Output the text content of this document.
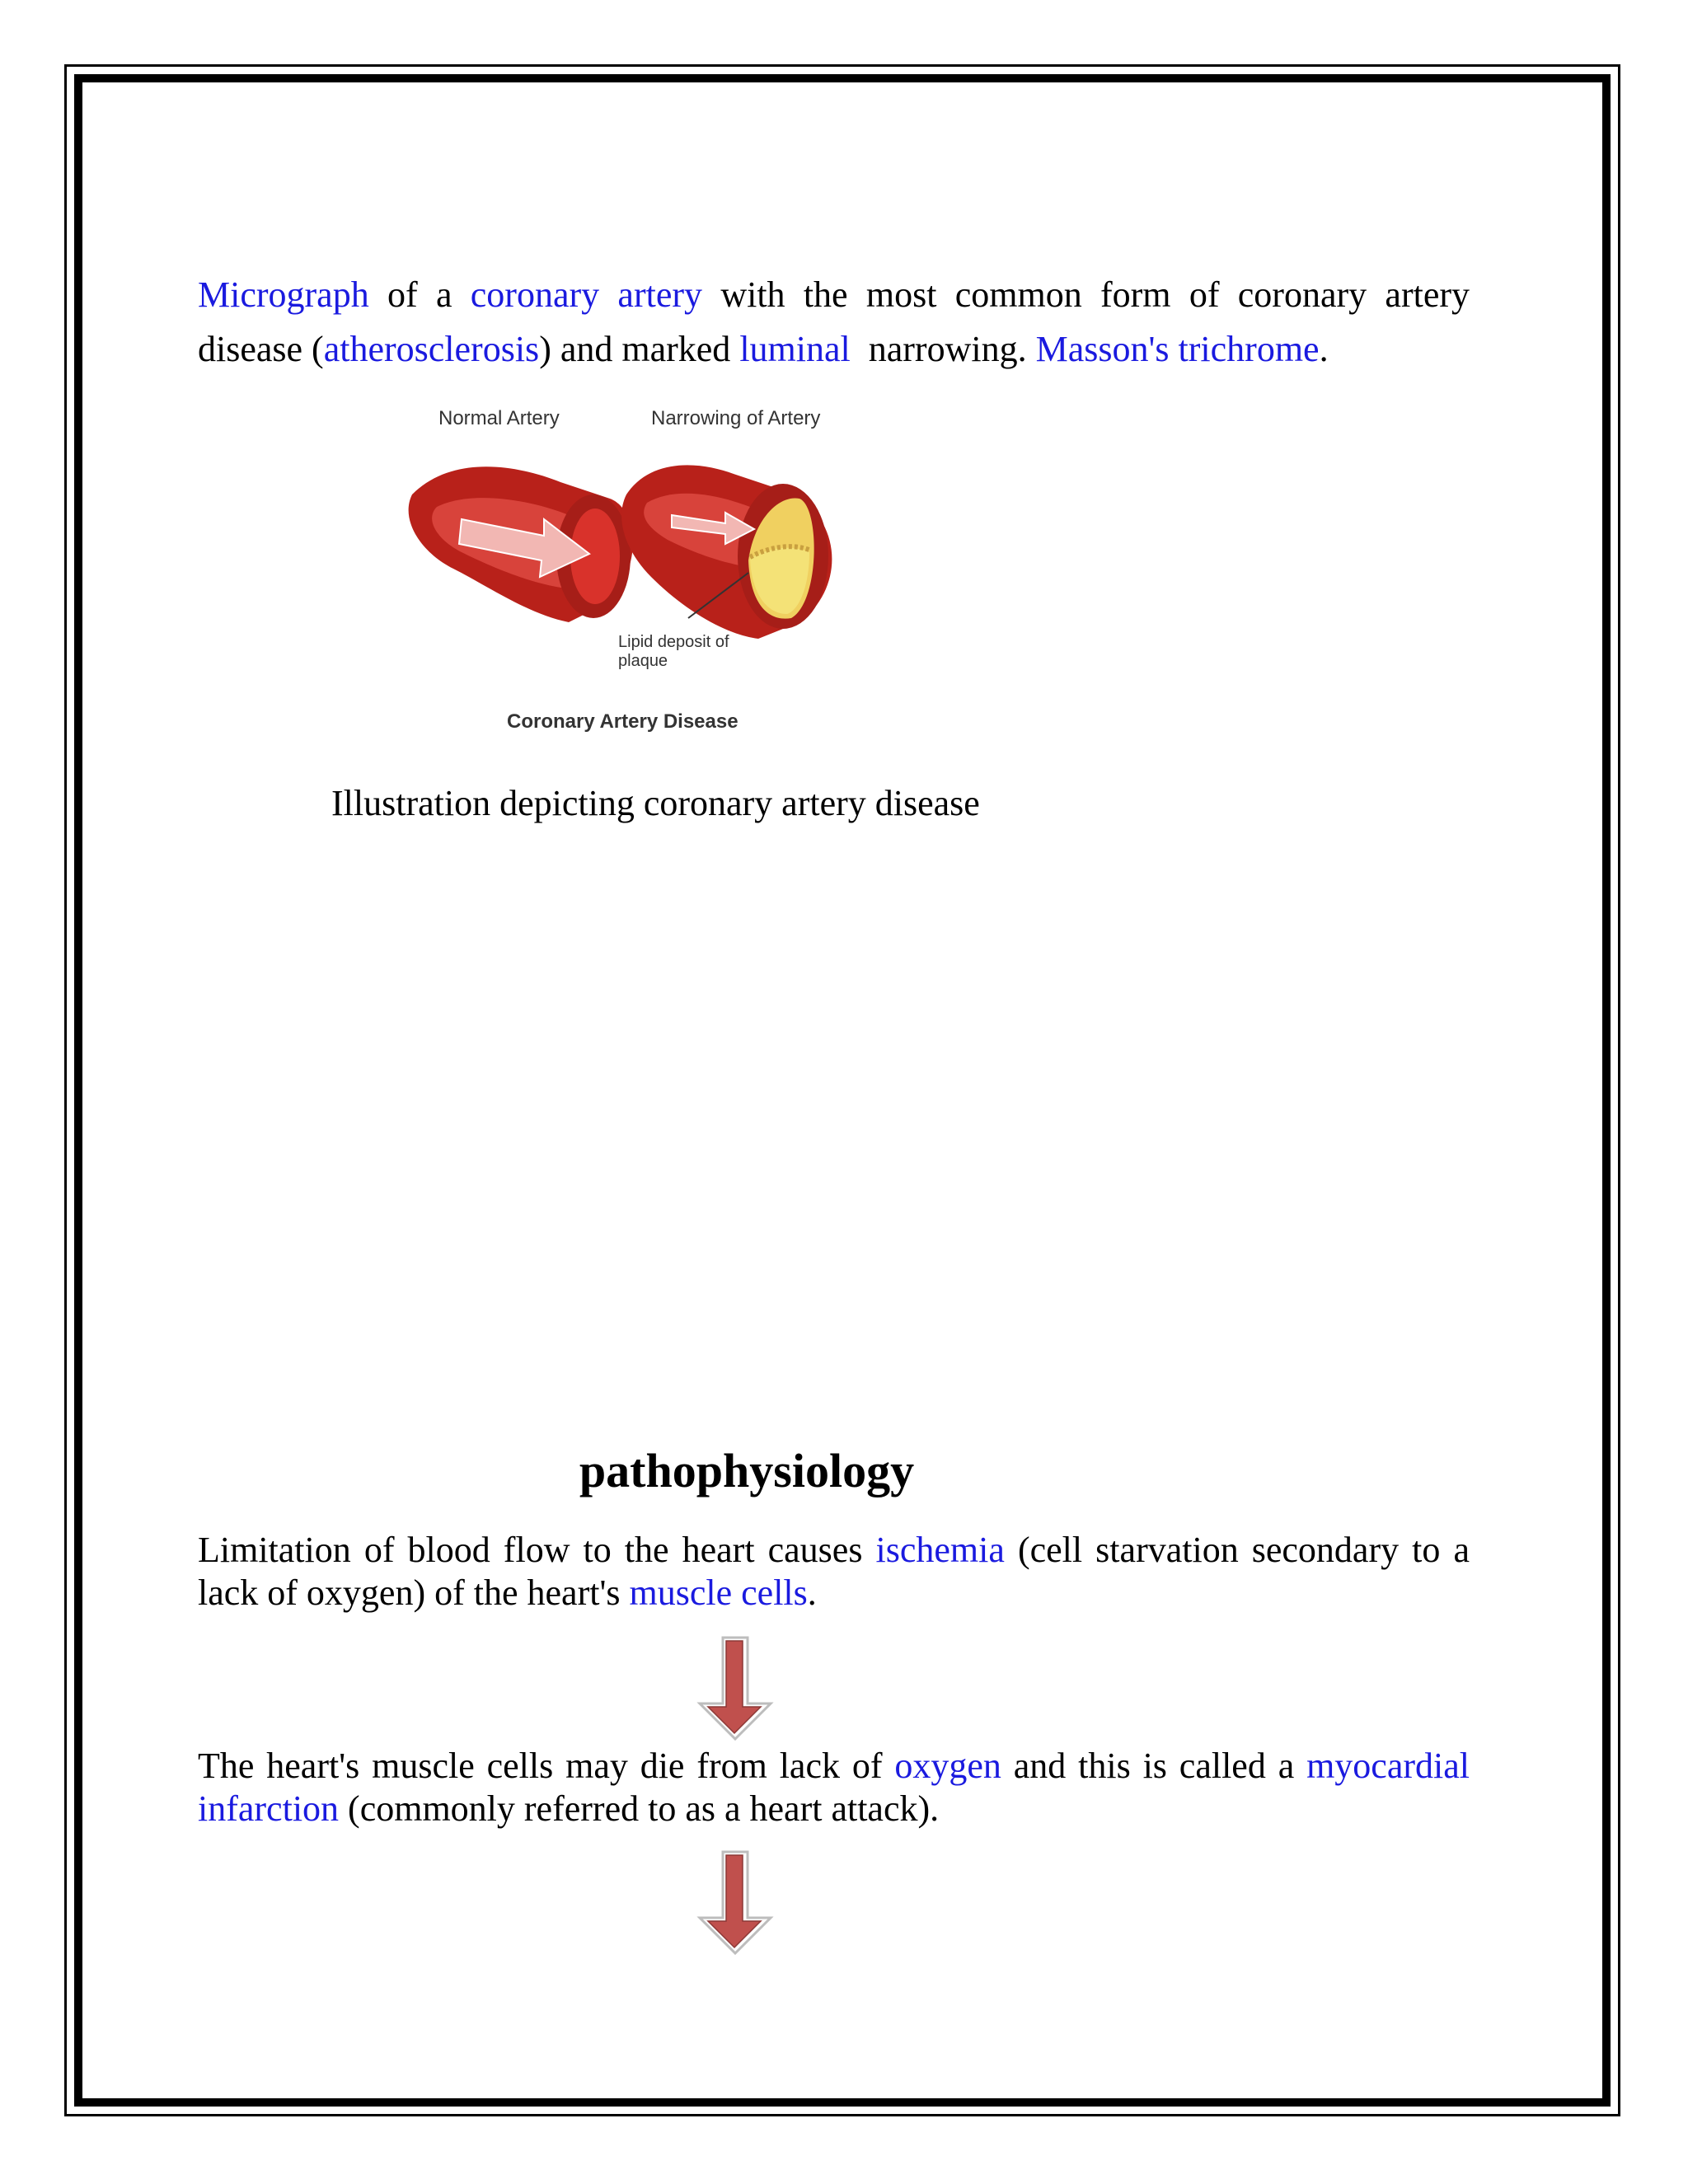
Micrograph of a coronary artery with the most common form of coronary artery disease (atherosclerosis) and marked luminal  narrowing. Masson's trichrome.

Normal Artery	Narrowing of Artery
Lipid deposit of
plaque
Coronary Artery Disease
Illustration depicting coronary artery disease
pathophysiology

Limitation of blood flow to the heart causes ischemia (cell starvation secondary to a lack of oxygen) of the heart's muscle cells.

The heart's muscle cells may die from lack of oxygen and this is called a myocardial infarction (commonly referred to as a heart attack).
